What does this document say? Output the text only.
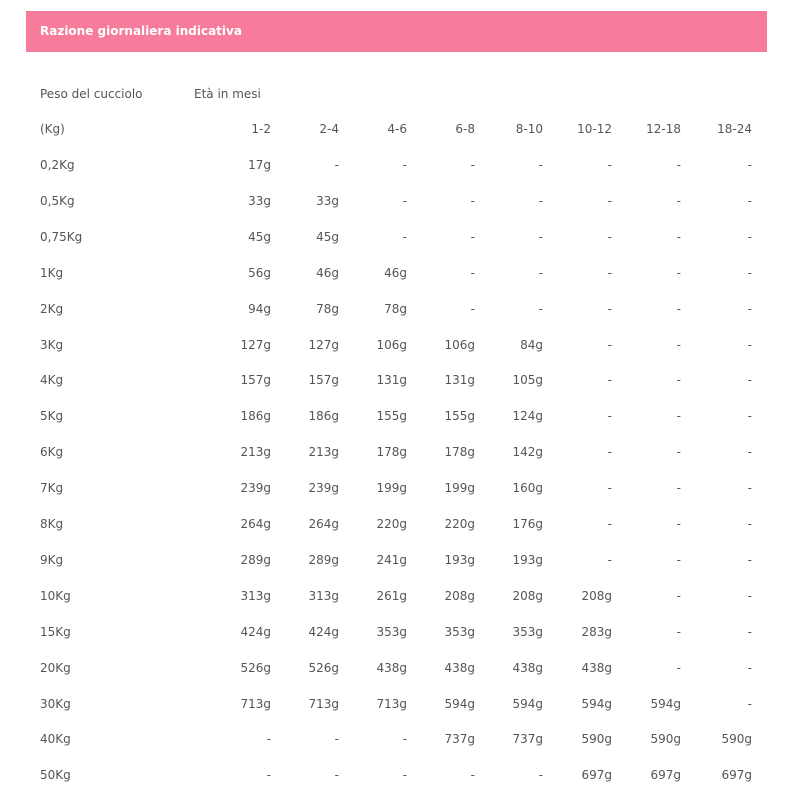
Razione giornaliera indicativa
Peso del cucciolo	Età in mesi
(Kg)	1-2	2-4	4-6	6-8	8-10	10-12	12-18	18-24
0,2Kg	17g	-	-	-	-	-	-	-
0,5Kg	33g	33g	-	-	-	-	-	-
0,75Kg	45g	45g	-	-	-	-	-	-
1Kg	56g	46g	46g	-	-	-	-	-
2Kg	94g	78g	78g	-	-	-	-	-
3Kg	127g	127g	106g	106g	84g	-	-	-
4Kg	157g	157g	131g	131g	105g	-	-	-
5Kg	186g	186g	155g	155g	124g	-	-	-
6Kg	213g	213g	178g	178g	142g	-	-	-
7Kg	239g	239g	199g	199g	160g	-	-	-
8Kg	264g	264g	220g	220g	176g	-	-	-
9Kg	289g	289g	241g	193g	193g	-	-	-
10Kg	313g	313g	261g	208g	208g	208g	-	-
15Kg	424g	424g	353g	353g	353g	283g	-	-
20Kg	526g	526g	438g	438g	438g	438g	-	-
30Kg	713g	713g	713g	594g	594g	594g	594g	-
40Kg	-	-	-	737g	737g	590g	590g	590g
50Kg	-	-	-	-	-	697g	697g	697g
